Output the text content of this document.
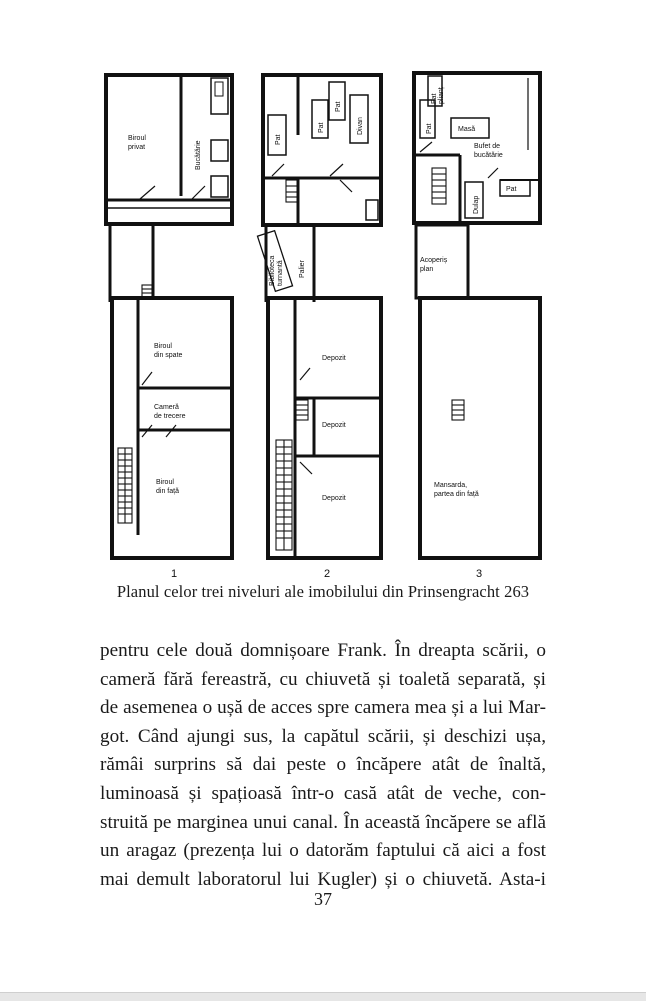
Biroul
privat	Bucătărie
Biroul
din spate
Cameră
de trecere
Biroul
din față
Pat
Pat
Pat
Divan
Biblioteca turnantă Palier
Depozit
Depozit
Depozit
Pat
Pat plianț
Masă
Bufet de
bucătărie
Pat
Dulap
Acoperiș
plan
Mansarda,
partea din față
1	2	3
Planul celor trei niveluri ale imobilului din Prinsengracht 263
pentru cele două domnișoare Frank. În dreapta scării, o
cameră fără fereastră, cu chiuvetă și toaletă separată, și
de asemenea o ușă de acces spre camera mea și a lui Mar-
got. Când ajungi sus, la capătul scării, și deschizi ușa,
rămâi surprins să dai peste o încăpere atât de înaltă,
luminoasă și spațioasă într-o casă atât de veche, con-
struită pe marginea unui canal. În această încăpere se află
un aragaz (prezența lui o datorăm faptului că aici a fost
mai demult laboratorul lui Kugler) și o chiuvetă. Asta-i
37
